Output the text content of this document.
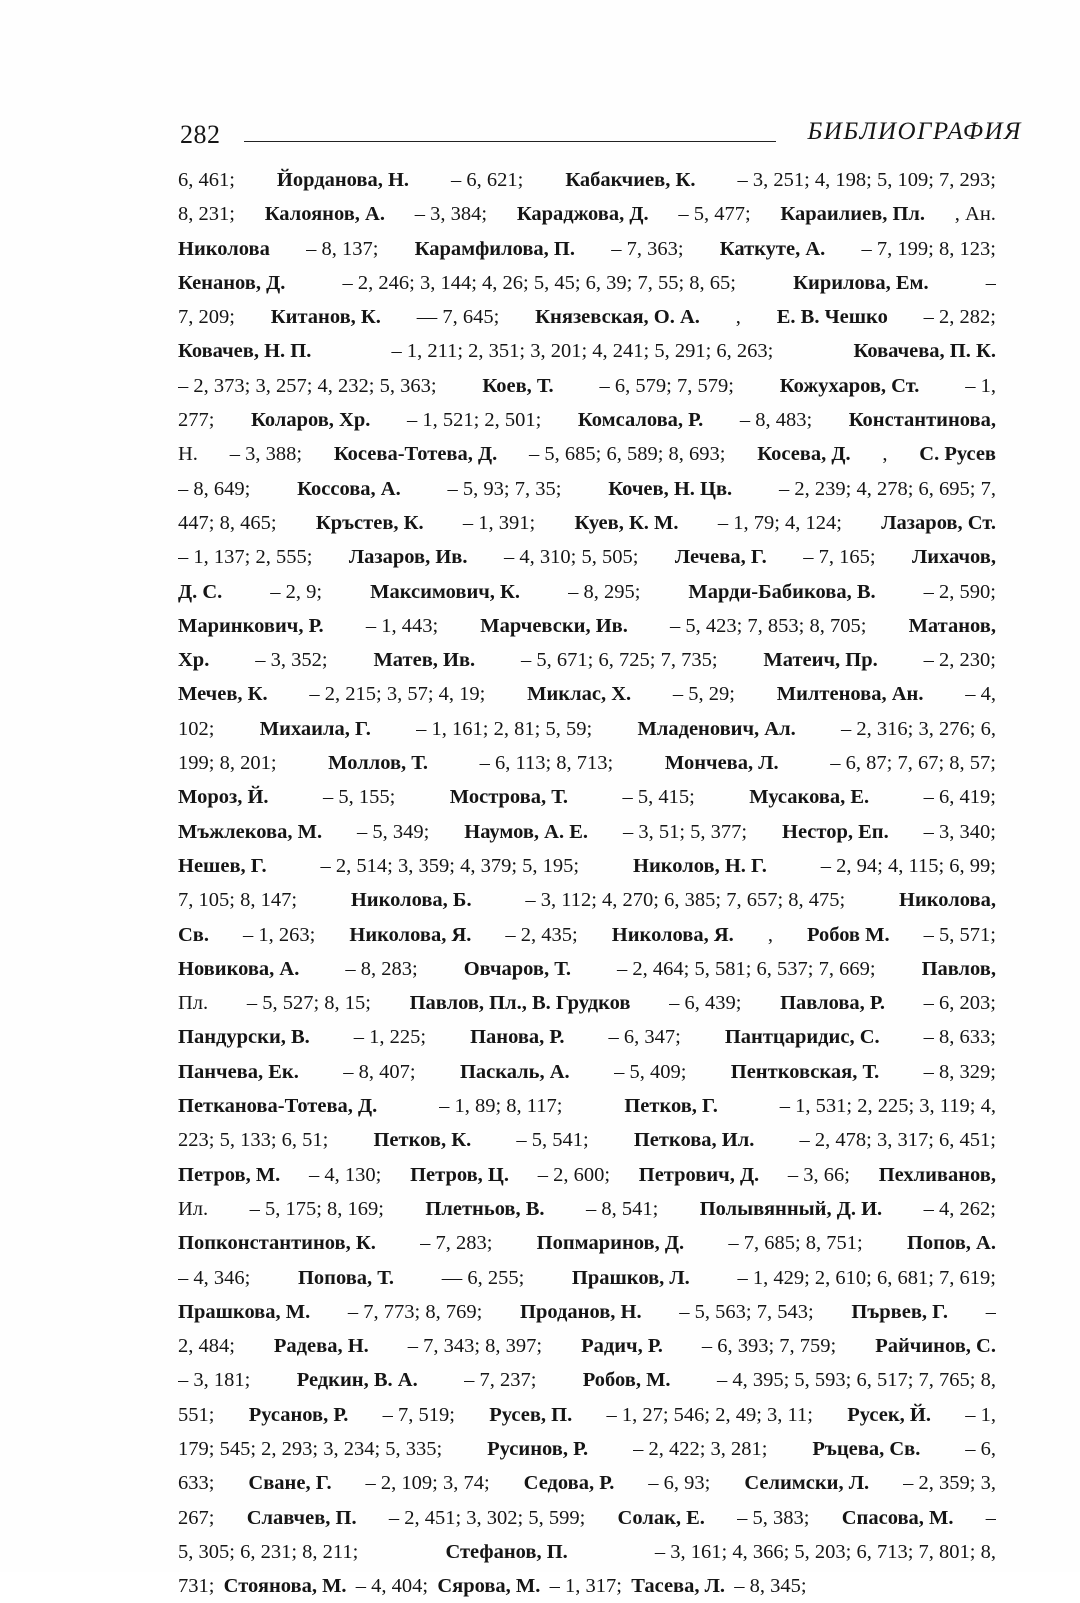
282	БИБЛИОГРАФИЯ
6, 461; Йорданова, Н. – 6, 621; Кабакчиев, К. – 3, 251; 4, 198; 5, 109; 7, 293;
8, 231; Калоянов, А. – 3, 384; Караджова, Д. – 5, 477; Караилиев, Пл. , Ан.
Николова – 8, 137; Карамфилова, П. – 7, 363; Каткуте, А. – 7, 199; 8, 123;
Кенанов, Д.	– 2, 246; 3, 144; 4, 26; 5, 45; 6, 39; 7, 55; 8, 65;	Кирилова, Ем.	–
7, 209; Китанов, К. — 7, 645; Князевская, О. А. , Е. В. Чешко – 2, 282;
Ковачев, Н. П.	– 1, 211; 2, 351; 3, 201; 4, 241; 5, 291; 6, 263;	Ковачева, П. К.
– 2, 373; 3, 257; 4, 232; 5, 363; Коев, Т. – 6, 579; 7, 579; Кожухаров, Ст. – 1,
277; Коларов, Хр. – 1, 521; 2, 501; Комсалова, Р. – 8, 483; Константинова,
Н. – 3, 388; Косева-Тотева, Д. – 5, 685; 6, 589; 8, 693; Косева, Д. , С. Русев
– 8, 649; Коссова, А. – 5, 93; 7, 35; Кочев, Н. Цв. – 2, 239; 4, 278; 6, 695; 7,
447; 8, 465; Кръстев, К. – 1, 391; Куев, К. М. – 1, 79; 4, 124; Лазаров, Ст.
– 1, 137; 2, 555; Лазаров, Ив. – 4, 310; 5, 505; Лечева, Г. – 7, 165; Лихачов,
Д. С. – 2, 9; Максимович, К. – 8, 295; Марди-Бабикова, В. – 2, 590;
Маринкович, Р. – 1, 443; Марчевски, Ив. – 5, 423; 7, 853; 8, 705; Матанов,
Хр. – 3, 352; Матев, Ив. – 5, 671; 6, 725; 7, 735; Матеич, Пр. – 2, 230;
Мечев, К. – 2, 215; 3, 57; 4, 19; Миклас, Х. – 5, 29; Милтенова, Ан. – 4,
102; Михаила, Г. – 1, 161; 2, 81; 5, 59; Младенович, Ал. – 2, 316; 3, 276; 6,
199; 8, 201;	Моллов, Т.	– 6, 113; 8, 713;	Мончева, Л.	– 6, 87; 7, 67; 8, 57;
Мороз, Й.	– 5, 155;	Мострова, Т.	– 5, 415;	Мусакова, Е.	– 6, 419;
Мъжлекова, М. – 5, 349; Наумов, А. Е. – 3, 51; 5, 377; Нестор, Еп. – 3, 340;
Нешев, Г.	– 2, 514; 3, 359; 4, 379; 5, 195;	Николов, Н. Г.	– 2, 94; 4, 115; 6, 99;
7, 105; 8, 147;	Николова, Б.	– 3, 112; 4, 270; 6, 385; 7, 657; 8, 475;	Николова,
Св. – 1, 263; Николова, Я. – 2, 435; Николова, Я. , Робов М. – 5, 571;
Новикова, А. – 8, 283; Овчаров, Т. – 2, 464; 5, 581; 6, 537; 7, 669; Павлов,
Пл. – 5, 527; 8, 15; Павлов, Пл., В. Грудков – 6, 439; Павлова, Р. – 6, 203;
Пандурски, В. – 1, 225; Панова, Р. – 6, 347; Пантцаридис, С. – 8, 633;
Панчева, Ек. – 8, 407; Паскаль, А. – 5, 409; Пентковская, Т. – 8, 329;
Петканова-Тотева, Д.	– 1, 89; 8, 117;	Петков, Г.	– 1, 531; 2, 225; 3, 119; 4,
223; 5, 133; 6, 51; Петков, К. – 5, 541; Петкова, Ил. – 2, 478; 3, 317; 6, 451;
Петров, М. – 4, 130; Петров, Ц. – 2, 600; Петрович, Д. – 3, 66; Пехливанов,
Ил. – 5, 175; 8, 169; Плетньов, В. – 8, 541; Полывянный, Д. И. – 4, 262;
Попконстантинов, К. – 7, 283; Попмаринов, Д. – 7, 685; 8, 751; Попов, А.
– 4, 346; Попова, Т. — 6, 255; Прашков, Л. – 1, 429; 2, 610; 6, 681; 7, 619;
Прашкова, М. – 7, 773; 8, 769; Проданов, Н. – 5, 563; 7, 543; Първев, Г. –
2, 484; Радева, Н. – 7, 343; 8, 397; Радич, Р. – 6, 393; 7, 759; Райчинов, С.
– 3, 181; Редкин, В. А. – 7, 237; Робов, М. – 4, 395; 5, 593; 6, 517; 7, 765; 8,
551; Русанов, Р. – 7, 519; Русев, П. – 1, 27; 546; 2, 49; 3, 11; Русек, Й. – 1,
179; 545; 2, 293; 3, 234; 5, 335; Русинов, Р. – 2, 422; 3, 281; Ръцева, Св. – 6,
633; Сване, Г. – 2, 109; 3, 74; Седова, Р. – 6, 93; Селимски, Л. – 2, 359; 3,
267; Славчев, П. – 2, 451; 3, 302; 5, 599; Солак, Е. – 5, 383; Спасова, М. –
5, 305; 6, 231; 8, 211;	Стефанов, П.	– 3, 161; 4, 366; 5, 203; 6, 713; 7, 801; 8,
731; Стоянова, М. – 4, 404; Сярова, М. – 1, 317; Тасева, Л. – 8, 345;
